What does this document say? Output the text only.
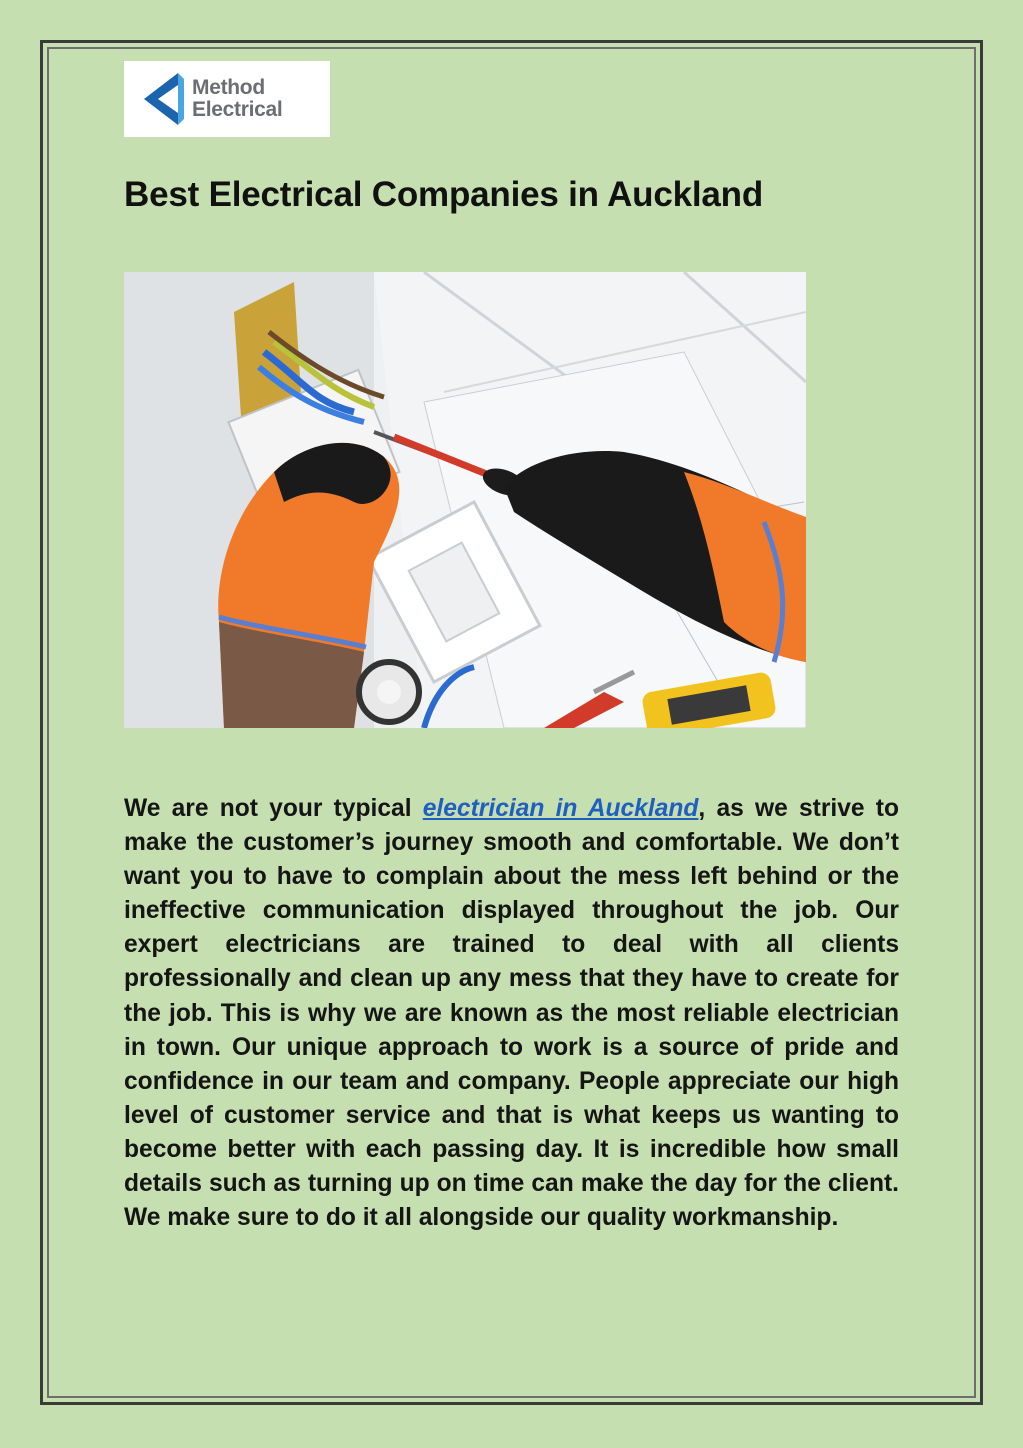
Method
Electrical
Best Electrical Companies in Auckland

We are not your typical electrician in Auckland, as we strive to make the customer’s journey smooth and comfortable. We don’t want you to have to complain about the mess left behind or the ineffective communication displayed throughout the job. Our expert electricians are trained to deal with all clients professionally and clean up any mess that they have to create for the job. This is why we are known as the most reliable electrician in town. Our unique approach to work is a source of pride and confidence in our team and company. People appreciate our high level of customer service and that is what keeps us wanting to become better with each passing day. It is incredible how small details such as turning up on time can make the day for the client. We make sure to do it all alongside our quality workmanship.
